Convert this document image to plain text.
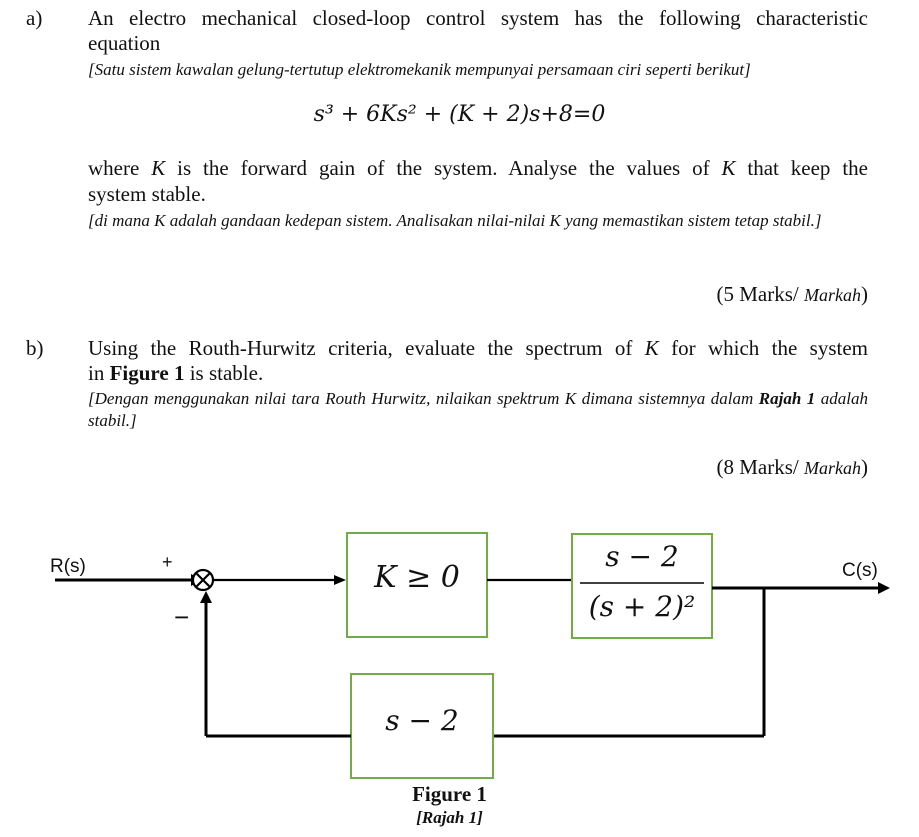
a) An electro mechanical closed-loop control system has the following characteristic
equation
[Satu sistem kawalan gelung-tertutup elektromekanik mempunyai persamaan ciri seperti berikut]
s³ + 6Ks² + (K + 2)s+8=0
where K is the forward gain of the system. Analyse the values of K that keep the
system stable.
[di mana K adalah gandaan kedepan sistem. Analisakan nilai-nilai K yang memastikan sistem tetap stabil.]
(5 Marks/ Markah)
b) Using the Routh-Hurwitz criteria, evaluate the spectrum of K for which the system
in Figure 1 is stable.
[Dengan menggunakan nilai tara Routh Hurwitz, nilaikan spektrum K dimana sistemnya dalam Rajah 1 adalah stabil.]
(8 Marks/ Markah)
R(s)	C(s)
+
−
K ≥ 0
s − 2
(s + 2)²
s − 2
Figure 1
[Rajah 1]
